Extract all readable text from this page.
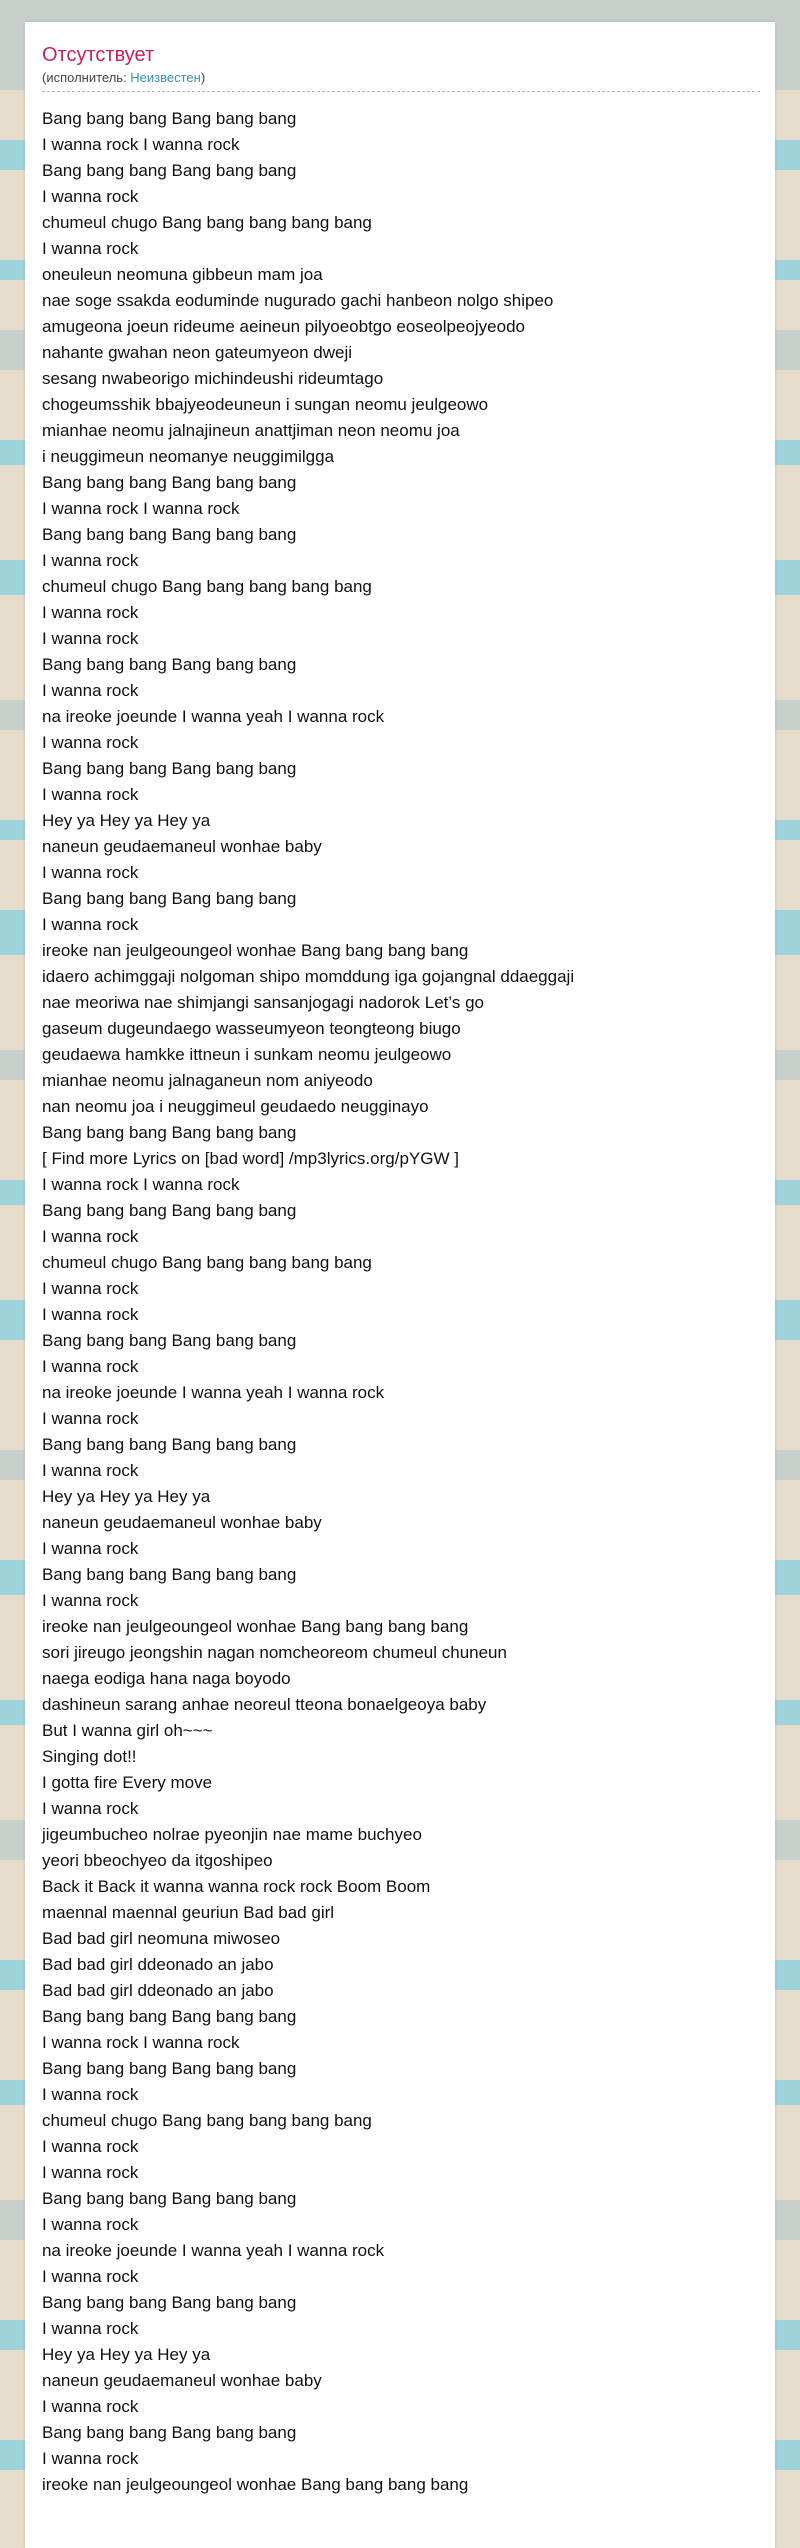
Отсутствует
(исполнитель: Неизвестен)
Bang bang bang Bang bang bang
I wanna rock I wanna rock
Bang bang bang Bang bang bang
I wanna rock
chumeul chugo Bang bang bang bang bang
I wanna rock
oneuleun neomuna gibbeun mam joa
nae soge ssakda eoduminde nugurado gachi hanbeon nolgo shipeo
amugeona joeun rideume aeineun pilyoeobtgo eoseolpeojyeodo
nahante gwahan neon gateumyeon dweji
sesang nwabeorigo michindeushi rideumtago
chogeumsshik bbajyeodeuneun i sungan neomu jeulgeowo
mianhae neomu jalnajineun anattjiman neon neomu joa
i neuggimeun neomanye neuggimilgga
Bang bang bang Bang bang bang
I wanna rock I wanna rock
Bang bang bang Bang bang bang
I wanna rock
chumeul chugo Bang bang bang bang bang
I wanna rock
I wanna rock
Bang bang bang Bang bang bang
I wanna rock
na ireoke joeunde I wanna yeah I wanna rock
I wanna rock
Bang bang bang Bang bang bang
I wanna rock
Hey ya Hey ya Hey ya
naneun geudaemaneul wonhae baby
I wanna rock
Bang bang bang Bang bang bang
I wanna rock
ireoke nan jeulgeoungeol wonhae Bang bang bang bang
idaero achimggaji nolgoman shipo momddung iga gojangnal ddaeggaji
nae meoriwa nae shimjangi sansanjogagi nadorok Let’s go
gaseum dugeundaego wasseumyeon teongteong biugo
geudaewa hamkke ittneun i sunkam neomu jeulgeowo
mianhae neomu jalnaganeun nom aniyeodo
nan neomu joa i neuggimeul geudaedo neugginayo
Bang bang bang Bang bang bang
[ Find more Lyrics on [bad word] /mp3lyrics.org/pYGW ]
I wanna rock I wanna rock
Bang bang bang Bang bang bang
I wanna rock
chumeul chugo Bang bang bang bang bang
I wanna rock
I wanna rock
Bang bang bang Bang bang bang
I wanna rock
na ireoke joeunde I wanna yeah I wanna rock
I wanna rock
Bang bang bang Bang bang bang
I wanna rock
Hey ya Hey ya Hey ya
naneun geudaemaneul wonhae baby
I wanna rock
Bang bang bang Bang bang bang
I wanna rock
ireoke nan jeulgeoungeol wonhae Bang bang bang bang
sori jireugo jeongshin nagan nomcheoreom chumeul chuneun
naega eodiga hana naga boyodo
dashineun sarang anhae neoreul tteona bonaelgeoya baby
But I wanna girl oh~~~
Singing dot!!
I gotta fire Every move
I wanna rock
jigeumbucheo nolrae pyeonjin nae mame buchyeo
yeori bbeochyeo da itgoshipeo
Back it Back it wanna wanna rock rock Boom Boom
maennal maennal geuriun Bad bad girl
Bad bad girl neomuna miwoseo
Bad bad girl ddeonado an jabo
Bad bad girl ddeonado an jabo
Bang bang bang Bang bang bang
I wanna rock I wanna rock
Bang bang bang Bang bang bang
I wanna rock
chumeul chugo Bang bang bang bang bang
I wanna rock
I wanna rock
Bang bang bang Bang bang bang
I wanna rock
na ireoke joeunde I wanna yeah I wanna rock
I wanna rock
Bang bang bang Bang bang bang
I wanna rock
Hey ya Hey ya Hey ya
naneun geudaemaneul wonhae baby
I wanna rock
Bang bang bang Bang bang bang
I wanna rock
ireoke nan jeulgeoungeol wonhae Bang bang bang bang
